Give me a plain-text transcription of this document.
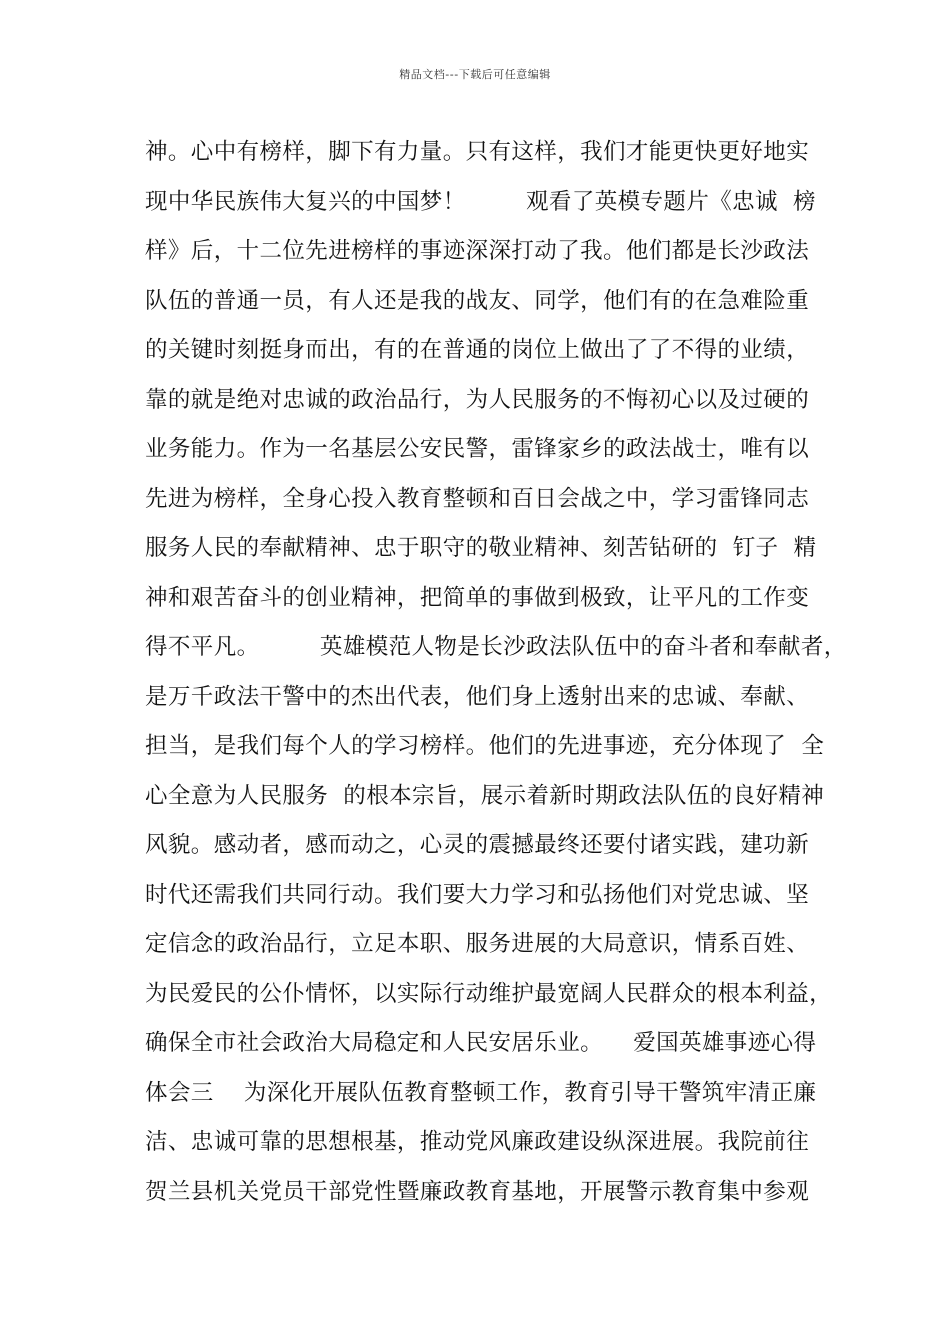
精品文档---下载后可任意编辑
神。心中有榜样，脚下有力量。只有这样，我们才能更快更好地实
现中华民族伟大复兴的中国梦！        观看了英模专题片《忠诚  榜
样》后，十二位先进榜样的事迹深深打动了我。他们都是长沙政法
队伍的普通一员，有人还是我的战友、同学，他们有的在急难险重
的关键时刻挺身而出，有的在普通的岗位上做出了了不得的业绩，
靠的就是绝对忠诚的政治品行，为人民服务的不悔初心以及过硬的
业务能力。作为一名基层公安民警，雷锋家乡的政法战士，唯有以
先进为榜样，全身心投入教育整顿和百日会战之中，学习雷锋同志
服务人民的奉献精神、忠于职守的敬业精神、刻苦钻研的  钉子  精
神和艰苦奋斗的创业精神，把简单的事做到极致，让平凡的工作变
得不平凡。        英雄模范人物是长沙政法队伍中的奋斗者和奉献者，
是万千政法干警中的杰出代表，他们身上透射出来的忠诚、奉献、
担当，是我们每个人的学习榜样。他们的先进事迹，充分体现了  全
心全意为人民服务  的根本宗旨，展示着新时期政法队伍的良好精神
风貌。感动者，感而动之，心灵的震撼最终还要付诸实践，建功新
时代还需我们共同行动。我们要大力学习和弘扬他们对党忠诚、坚
定信念的政治品行，立足本职、服务进展的大局意识，情系百姓、
为民爱民的公仆情怀，以实际行动维护最宽阔人民群众的根本利益，
确保全市社会政治大局稳定和人民安居乐业。    爱国英雄事迹心得
体会三    为深化开展队伍教育整顿工作，教育引导干警筑牢清正廉
洁、忠诚可靠的思想根基，推动党风廉政建设纵深进展。我院前往
贺兰县机关党员干部党性暨廉政教育基地，开展警示教育集中参观
